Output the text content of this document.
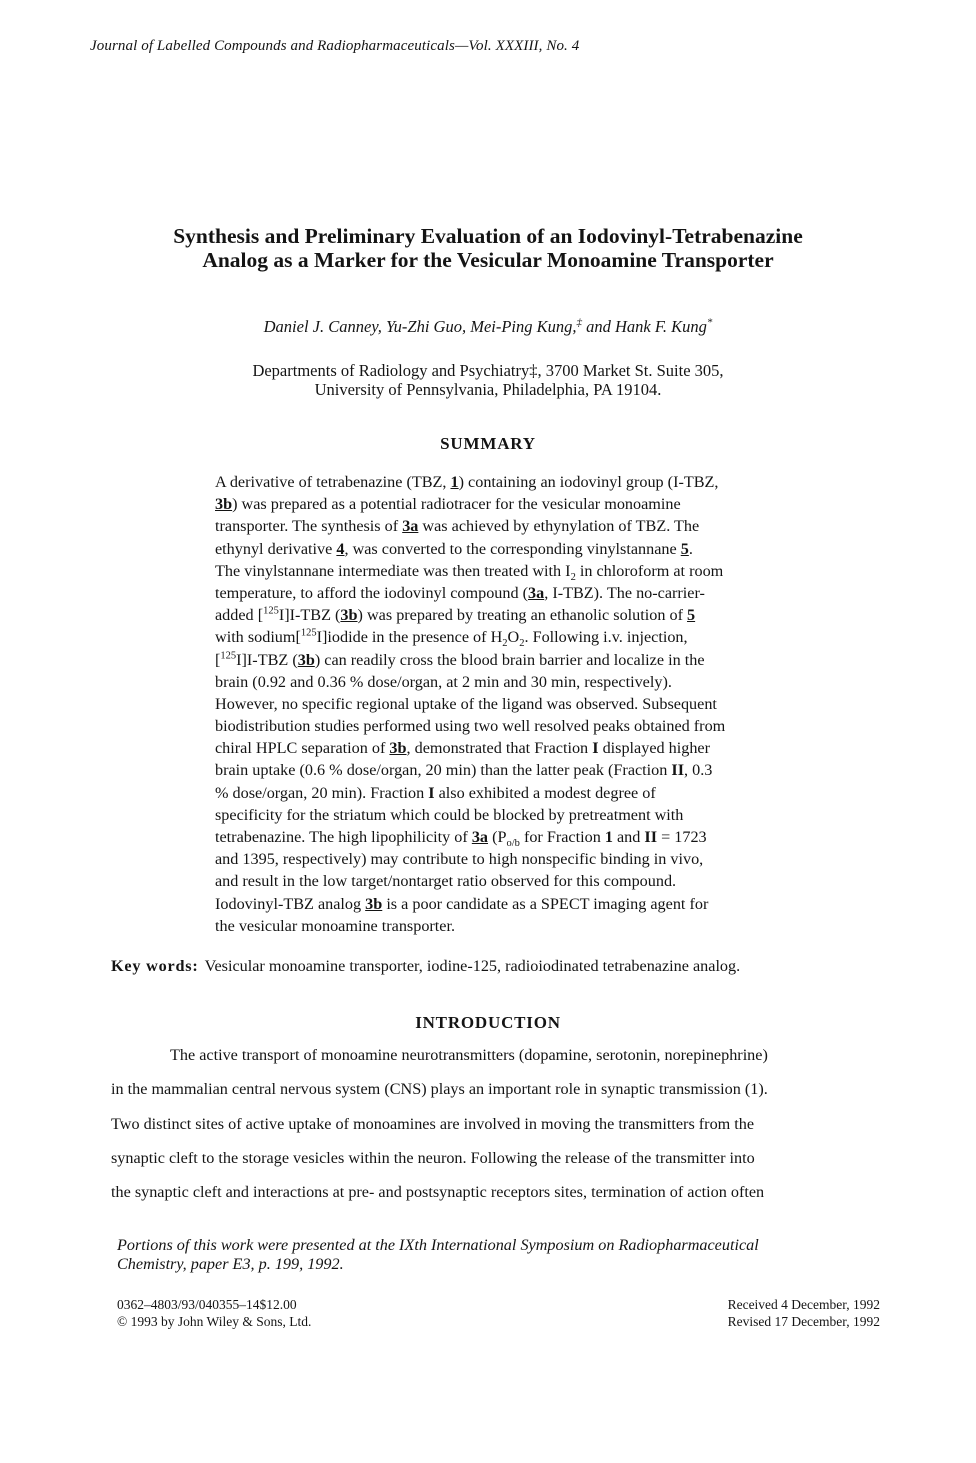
Journal of Labelled Compounds and Radiopharmaceuticals—Vol. XXXIII, No. 4
Synthesis and Preliminary Evaluation of an Iodovinyl-Tetrabenazine
Analog as a Marker for the Vesicular Monoamine Transporter
Daniel J. Canney, Yu-Zhi Guo, Mei-Ping Kung,‡ and Hank F. Kung*
Departments of Radiology and Psychiatry‡, 3700 Market St. Suite 305,
University of Pennsylvania, Philadelphia, PA 19104.
SUMMARY
A derivative of tetrabenazine (TBZ, 1) containing an iodovinyl group (I-TBZ,
3b) was prepared as a potential radiotracer for the vesicular monoamine
transporter. The synthesis of 3a was achieved by ethynylation of TBZ. The
ethynyl derivative 4, was converted to the corresponding vinylstannane 5.
The vinylstannane intermediate was then treated with $I_2$ in chloroform at room
temperature, to afford the iodovinyl compound (3a, I-TBZ). The no-carrier-
added [$^{125}$I]I-TBZ (3b) was prepared by treating an ethanolic solution of 5
with sodium[$^{125}$I]iodide in the presence of $H_2O_2$. Following i.v. injection,
[$^{125}$I]I-TBZ (3b) can readily cross the blood brain barrier and localize in the
brain (0.92 and 0.36 % dose/organ, at 2 min and 30 min, respectively).
However, no specific regional uptake of the ligand was observed. Subsequent
biodistribution studies performed using two well resolved peaks obtained from
chiral HPLC separation of 3b, demonstrated that Fraction I displayed higher
brain uptake (0.6 % dose/organ, 20 min) than the latter peak (Fraction II, 0.3
% dose/organ, 20 min). Fraction I also exhibited a modest degree of
specificity for the striatum which could be blocked by pretreatment with
tetrabenazine. The high lipophilicity of 3a ($P_{o/b}$ for Fraction 1 and II = 1723
and 1395, respectively) may contribute to high nonspecific binding in vivo,
and result in the low target/nontarget ratio observed for this compound.
Iodovinyl-TBZ analog 3b is a poor candidate as a SPECT imaging agent for
the vesicular monoamine transporter.
Key words: Vesicular monoamine transporter, iodine-125, radioiodinated tetrabenazine analog.
INTRODUCTION
The active transport of monoamine neurotransmitters (dopamine, serotonin, norepinephrine)
in the mammalian central nervous system (CNS) plays an important role in synaptic transmission (1).
Two distinct sites of active uptake of monoamines are involved in moving the transmitters from the
synaptic cleft to the storage vesicles within the neuron. Following the release of the transmitter into
the synaptic cleft and interactions at pre- and postsynaptic receptors sites, termination of action often
Portions of this work were presented at the IXth International Symposium on Radiopharmaceutical
Chemistry, paper E3, p. 199, 1992.
0362–4803/93/040355–14$12.00
© 1993 by John Wiley & Sons, Ltd.
Received 4 December, 1992
Revised 17 December, 1992
